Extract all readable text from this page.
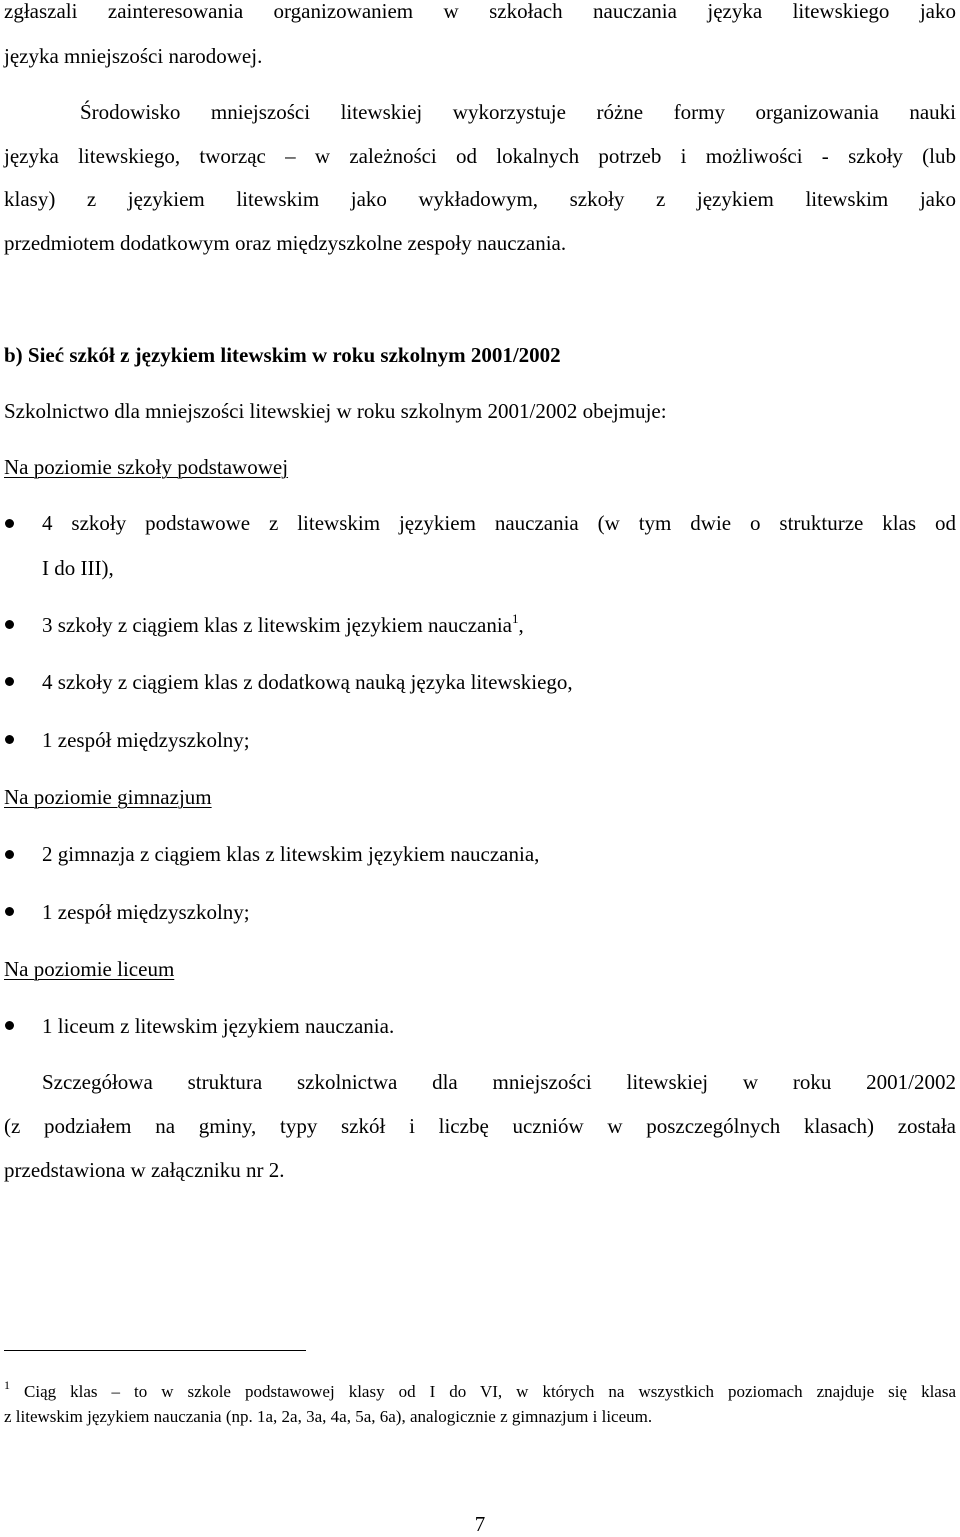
zgłaszali zainteresowania organizowaniem w szkołach nauczania języka litewskiego jako
języka mniejszości narodowej.
Środowisko mniejszości litewskiej wykorzystuje różne formy organizowania nauki
języka litewskiego, tworząc – w zależności od lokalnych potrzeb i możliwości - szkoły (lub
klasy) z językiem litewskim jako wykładowym, szkoły z językiem litewskim jako
przedmiotem dodatkowym oraz międzyszkolne zespoły nauczania.
b) Sieć szkół z językiem litewskim w roku szkolnym 2001/2002
Szkolnictwo dla mniejszości litewskiej w roku szkolnym 2001/2002 obejmuje:
Na poziomie szkoły podstawowej
4 szkoły podstawowe z litewskim językiem nauczania (w tym dwie o strukturze klas od
I do III),
3 szkoły z ciągiem klas z litewskim językiem nauczania$^1$,
4 szkoły z ciągiem klas z dodatkową nauką języka litewskiego,
1 zespół międzyszkolny;
Na poziomie gimnazjum
2 gimnazja z ciągiem klas z litewskim językiem nauczania,
1 zespół międzyszkolny;
Na poziomie liceum
1 liceum z litewskim językiem nauczania.
Szczegółowa struktura szkolnictwa dla mniejszości litewskiej w roku 2001/2002
(z podziałem na gminy, typy szkół i liczbę uczniów w poszczególnych klasach) została
przedstawiona w załączniku nr 2.
$^1$ Ciąg klas – to w szkole podstawowej klasy od I do VI, w których na wszystkich poziomach znajduje się klasa
z litewskim językiem nauczania (np. 1a, 2a, 3a, 4a, 5a, 6a), analogicznie z gimnazjum i liceum.
7
